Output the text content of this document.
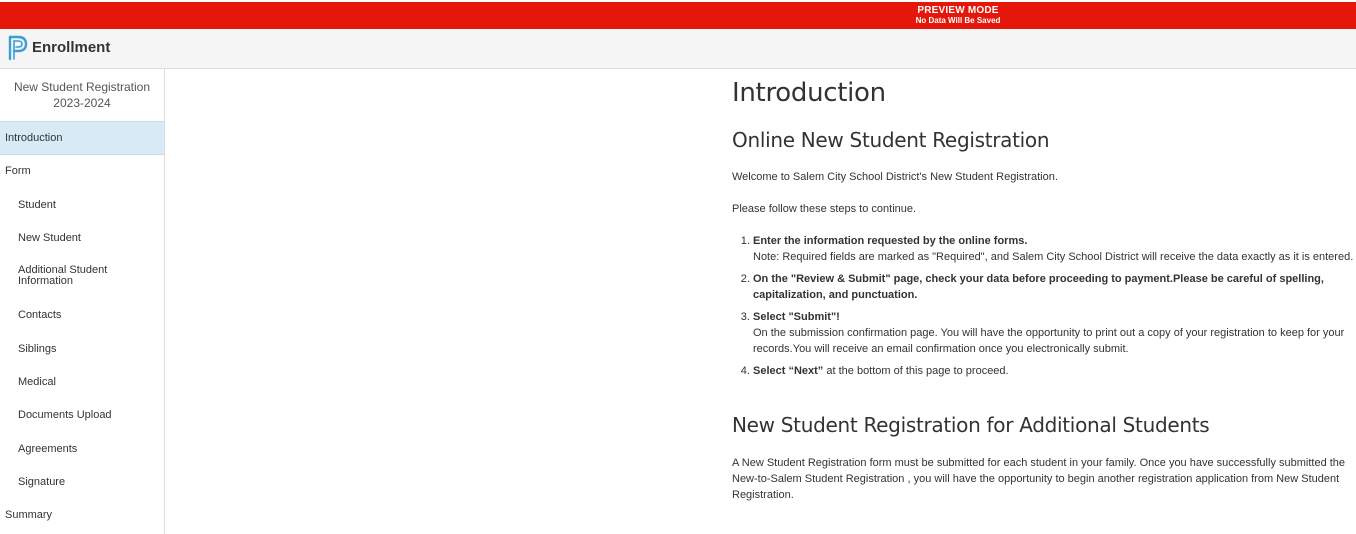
PREVIEW MODE
No Data Will Be Saved
Enrollment
New Student Registration
2023-2024
Introduction
Form
Student
New Student
Additional Student Information
Contacts
Siblings
Medical
Documents Upload
Agreements
Signature
Summary
Introduction
Online New Student Registration
Welcome to Salem City School District's New Student Registration.
Please follow these steps to continue.
1. Enter the information requested by the online forms.
Note: Required fields are marked as "Required", and Salem City School District will receive the data exactly as it is entered.
2. On the "Review & Submit" page, check your data before proceeding to payment.Please be careful of spelling, capitalization, and punctuation.
3. Select "Submit"!
On the submission confirmation page. You will have the opportunity to print out a copy of your registration to keep for your records.You will receive an email confirmation once you electronically submit.
4. Select “Next” at the bottom of this page to proceed.
New Student Registration for Additional Students
A New Student Registration form must be submitted for each student in your family. Once you have successfully submitted the New-to-Salem Student Registration , you will have the opportunity to begin another registration application from New Student Registration.
